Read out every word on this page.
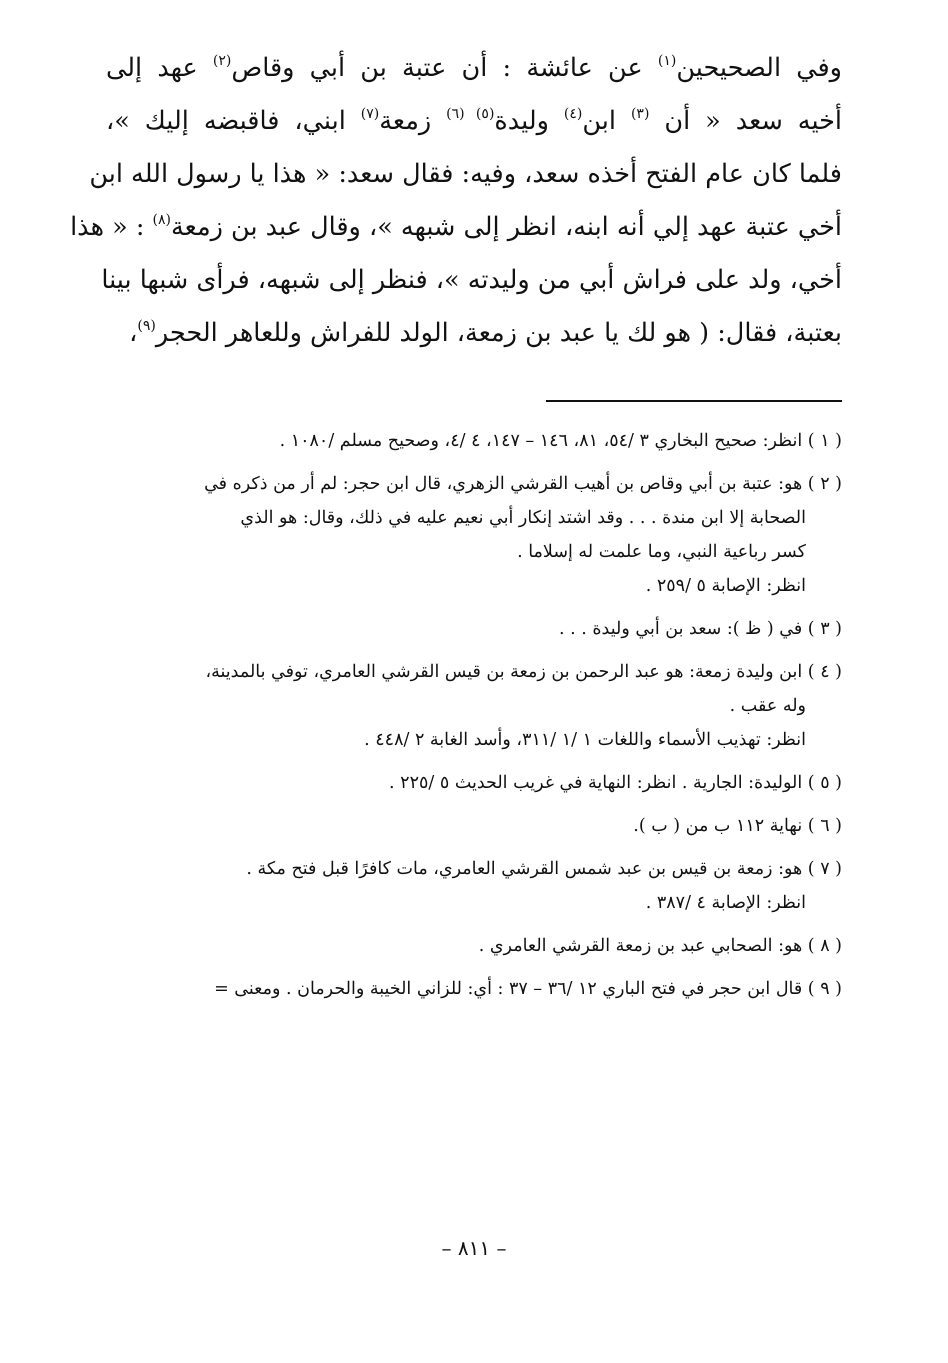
وفي الصحيحين$^{(١)}$ عن عائشة : أن عتبة بن أبي وقاص$^{(٢)}$ عهد إلى أخيه سعد « أن $^{(٣)}$ ابن$^{(٤)}$ وليدة$^{(٥) (٦)}$ زمعة$^{(٧)}$ ابني، فاقبضه إليك »، فلما كان عام الفتح أخذه سعد، وفيه: فقال سعد: « هذا يا رسول الله ابن أخي عتبة عهد إلي أنه ابنه، انظر إلى شبهه »، وقال عبد بن زمعة$^{(٨)}$ : « هذا أخي، ولد على فراش أبي من وليدته »، فنظر إلى شبهه، فرأى شبها بينا بعتبة، فقال: ( هو لك يا عبد بن زمعة، الولد للفراش وللعاهر الحجر$^{(٩)}$،

( ١ ) انظر: صحيح البخاري ٣ /٥٤، ٨١، ١٤٦ – ١٤٧، ٤ /٤، وصحيح مسلم /١٠٨٠ .
( ٢ ) هو: عتبة بن أبي وقاص بن أهيب القرشي الزهري، قال ابن حجر: لم أر من ذكره في
الصحابة إلا ابن مندة . . . وقد اشتد إنكار أبي نعيم عليه في ذلك، وقال: هو الذي
كسر رباعية النبي، وما علمت له إسلاما .
انظر: الإصابة ٥ /٢٥٩ .
( ٣ ) في ( ظ ): سعد بن أبي وليدة . . .
( ٤ ) ابن وليدة زمعة: هو عبد الرحمن بن زمعة بن قيس القرشي العامري، توفي بالمدينة،
وله عقب .
انظر: تهذيب الأسماء واللغات ١ /١ /٣١١، وأسد الغابة ٢ /٤٤٨ .
( ٥ ) الوليدة: الجارية . انظر: النهاية في غريب الحديث ٥ /٢٢٥ .
( ٦ ) نهاية ١١٢ ب من ( ب ).
( ٧ ) هو: زمعة بن قيس بن عبد شمس القرشي العامري، مات كافرًا قبل فتح مكة .
انظر: الإصابة ٤ /٣٨٧ .
( ٨ ) هو: الصحابي عبد بن زمعة القرشي العامري .
( ٩ ) قال ابن حجر في فتح الباري ١٢ /٣٦ – ٣٧ : أي: للزاني الخيبة والحرمان . ومعنى =
– ٨١١ –
